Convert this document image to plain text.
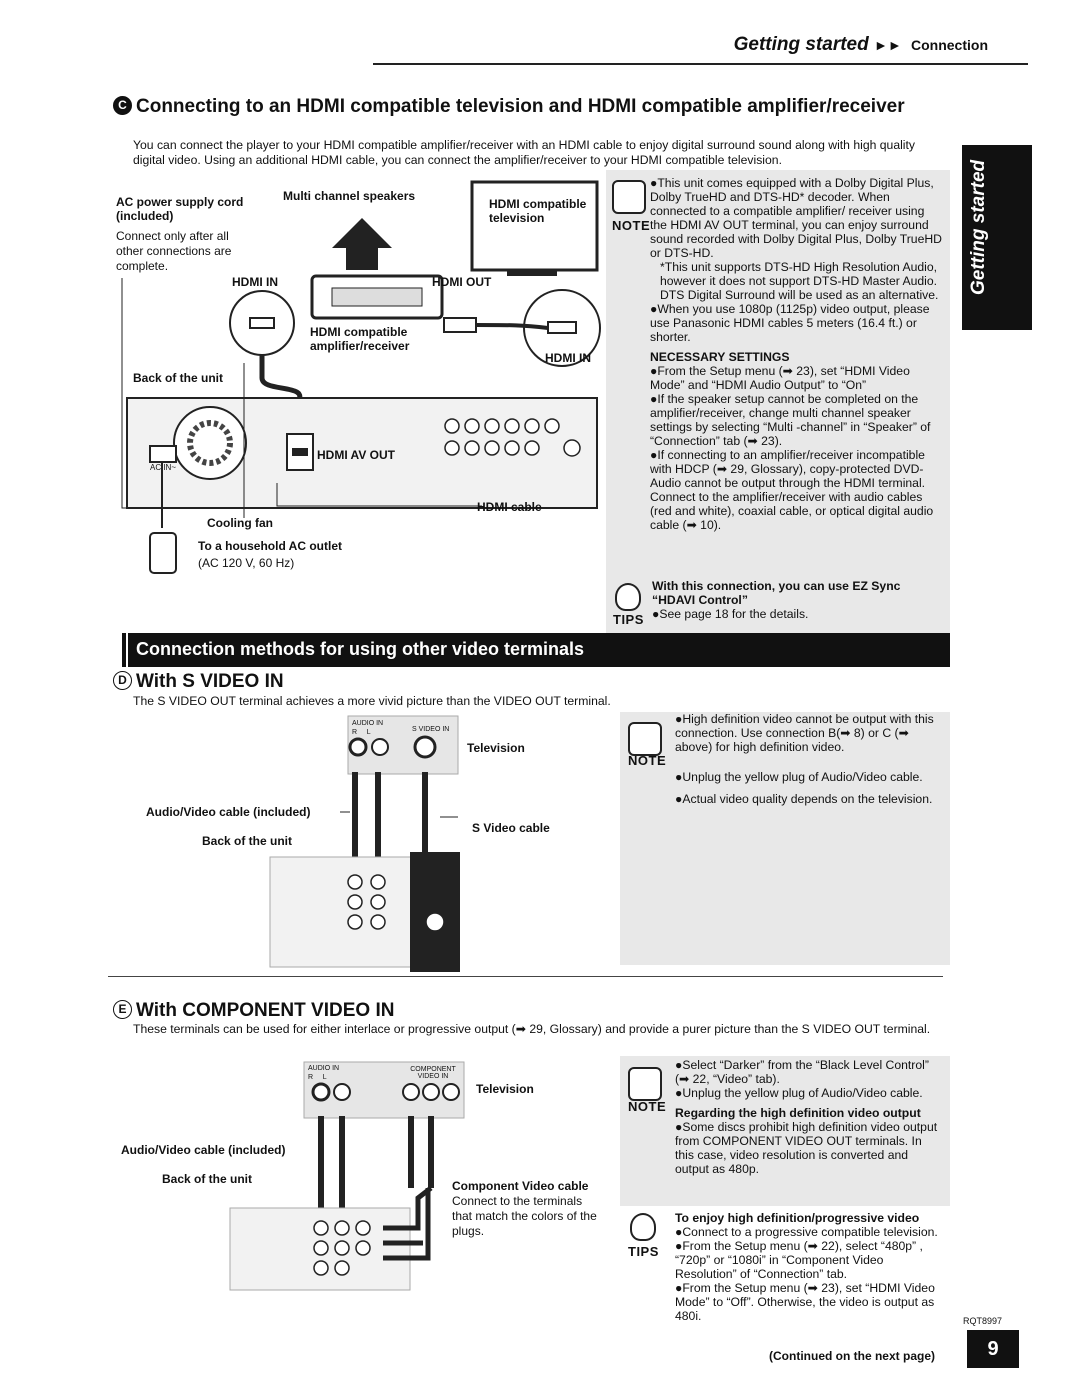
Getting started ►► Connection
C Connecting to an HDMI compatible television and HDMI compatible amplifier/receiver
You can connect the player to your HDMI compatible amplifier/receiver with an HDMI cable to enjoy digital surround sound along with high quality digital video. Using an additional HDMI cable, you can connect the amplifier/receiver to your HDMI compatible television.
AC power supply cord (included)
Connect only after all other connections are complete.
Multi channel speakers
HDMI compatible television
HDMI IN	HDMI OUT
HDMI compatible amplifier/receiver
HDMI IN
Back of the unit
HDMI AV OUT
AC IN~
HDMI cable
Cooling fan
To a household AC outlet
(AC 120 V, 60 Hz)
NOTE
●This unit comes equipped with a Dolby Digital Plus, Dolby TrueHD and DTS-HD* decoder. When connected to a compatible amplifier/ receiver using the HDMI AV OUT terminal, you can enjoy surround sound recorded with Dolby Digital Plus, Dolby TrueHD or DTS-HD.
*This unit supports DTS-HD High Resolution Audio, however it does not support DTS-HD Master Audio. DTS Digital Surround will be used as an alternative.
●When you use 1080p (1125p) video output, please use Panasonic HDMI cables 5 meters (16.4 ft.) or shorter.
NECESSARY SETTINGS
●From the Setup menu (➡ 23), set “HDMI Video Mode” and “HDMI Audio Output” to “On”
●If the speaker setup cannot be completed on the amplifier/receiver, change multi channel speaker settings by selecting “Multi -channel” in “Speaker” of “Connection” tab (➡ 23).
●If connecting to an amplifier/receiver incompatible with HDCP (➡ 29, Glossary), copy-protected DVD-Audio cannot be output through the HDMI terminal. Connect to the amplifier/receiver with audio cables (red and white), coaxial cable, or optical digital audio cable (➡ 10).
TIPS
With this connection, you can use EZ Sync “HDAVI Control”
●See page 18 for the details.
Getting started
Connection methods for using other video terminals
D With S VIDEO IN
The S VIDEO OUT terminal achieves a more vivid picture than the VIDEO OUT terminal.
AUDIO IN
R     L	S VIDEO IN
Television
Audio/Video cable (included)
S Video cable
Back of the unit
NOTE
●High definition video cannot be output with this connection. Use connection B(➡ 8) or C (➡ above) for high definition video.
●Unplug the yellow plug of Audio/Video cable.
●Actual video quality depends on the television.
E With COMPONENT VIDEO IN
These terminals can be used for either interlace or progressive output (➡ 29, Glossary) and provide a purer picture than the S VIDEO OUT terminal.
AUDIO IN
R     L
COMPONENT VIDEO IN
Television
Audio/Video cable (included)
Back of the unit	Component Video cable
Connect to the terminals that match the colors of the plugs.
NOTE
●Select “Darker” from the “Black Level Control” (➡ 22, “Video” tab).
●Unplug the yellow plug of Audio/Video cable.
Regarding the high definition video output
●Some discs prohibit high definition video output from COMPONENT VIDEO OUT terminals. In this case, video resolution is converted and output as 480p.
TIPS
To enjoy high definition/progressive video
●Connect to a progressive compatible television.
●From the Setup menu (➡ 22), select “480p” , “720p” or “1080i” in “Component Video Resolution” of “Connection” tab.
●From the Setup menu (➡ 23), set “HDMI Video Mode” to “Off”. Otherwise, the video is output as 480i.
(Continued on the next page)
RQT8997
9
